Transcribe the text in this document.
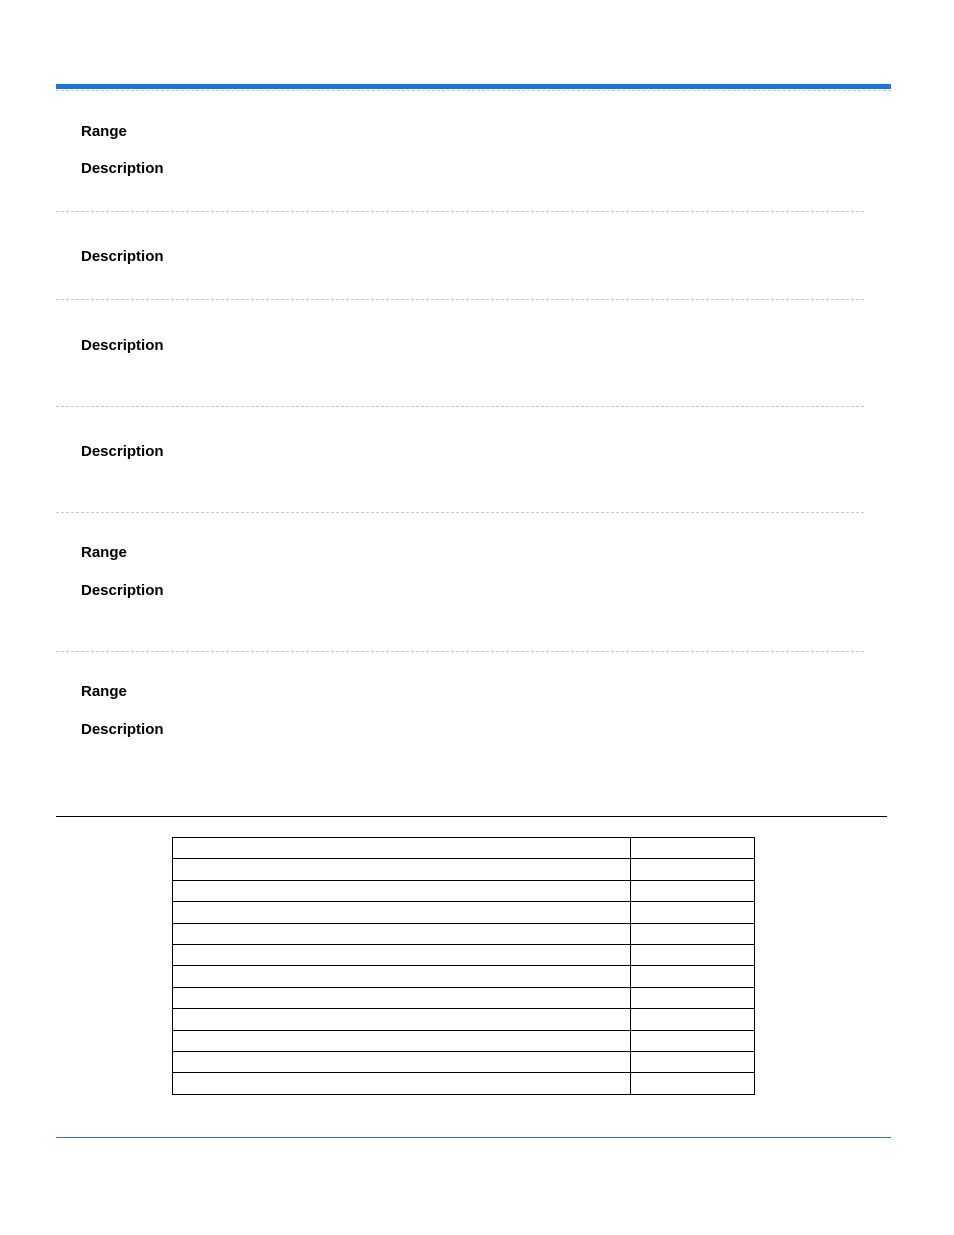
Range
Description
Description
Description
Description
Range
Description
Range
Description
